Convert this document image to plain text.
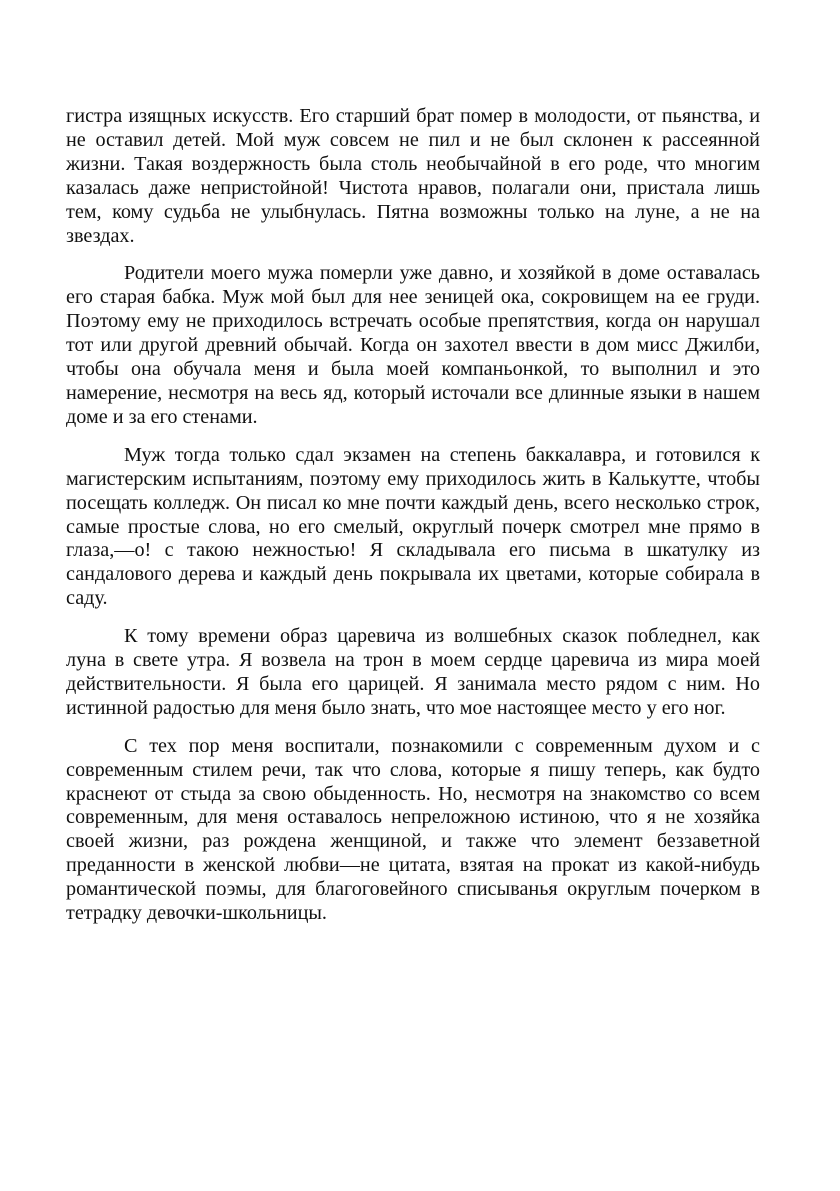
гистра изящных искусств. Его старший брат помер в молодости, от пьянства, и не оставил детей. Мой муж совсем не пил и не был склонен к рассеянной жизни. Такая воздержность была столь необычайной в его роде, что многим казалась даже непристойной! Чистота нравов, полагали они, пристала лишь тем, кому судьба не улыбнулась. Пятна возможны только на луне, а не на звездах.

Родители моего мужа померли уже давно, и хозяйкой в доме оставалась его старая бабка. Муж мой был для нее зеницей ока, сокровищем на ее груди. Поэтому ему не приходилось встречать особые препятствия, когда он нарушал тот или другой древний обычай. Когда он захотел ввести в дом мисс Джилби, чтобы она обучала меня и была моей компаньонкой, то выполнил и это намерение, несмотря на весь яд, который источали все длинные языки в нашем доме и за его стенами.

Муж тогда только сдал экзамен на степень баккалавра, и готовился к магистерским испытаниям, поэтому ему приходилось жить в Калькутте, чтобы посещать колледж. Он писал ко мне почти каждый день, всего несколько строк, самые простые слова, но его смелый, округлый почерк смотрел мне прямо в глаза,—о! с такою нежностью! Я складывала его письма в шкатулку из сандалового дерева и каждый день покрывала их цветами, которые собирала в саду.

К тому времени образ царевича из волшебных сказок побледнел, как луна в свете утра. Я возвела на трон в моем сердце царевича из мира моей действительности. Я была его царицей. Я занимала место рядом с ним. Но истинной радостью для меня было знать, что мое настоящее место у его ног.

С тех пор меня воспитали, познакомили с современным духом и с современным стилем речи, так что слова, которые я пишу теперь, как будто краснеют от стыда за свою обыденность. Но, несмотря на знакомство со всем современным, для меня оставалось непреложною истиною, что я не хозяйка своей жизни, раз рождена женщиной, и также что элемент беззаветной преданности в женской любви—не цитата, взятая на прокат из какой-нибудь романтической поэмы, для благоговейного списыванья округлым почерком в тетрадку девочки-школьницы.
